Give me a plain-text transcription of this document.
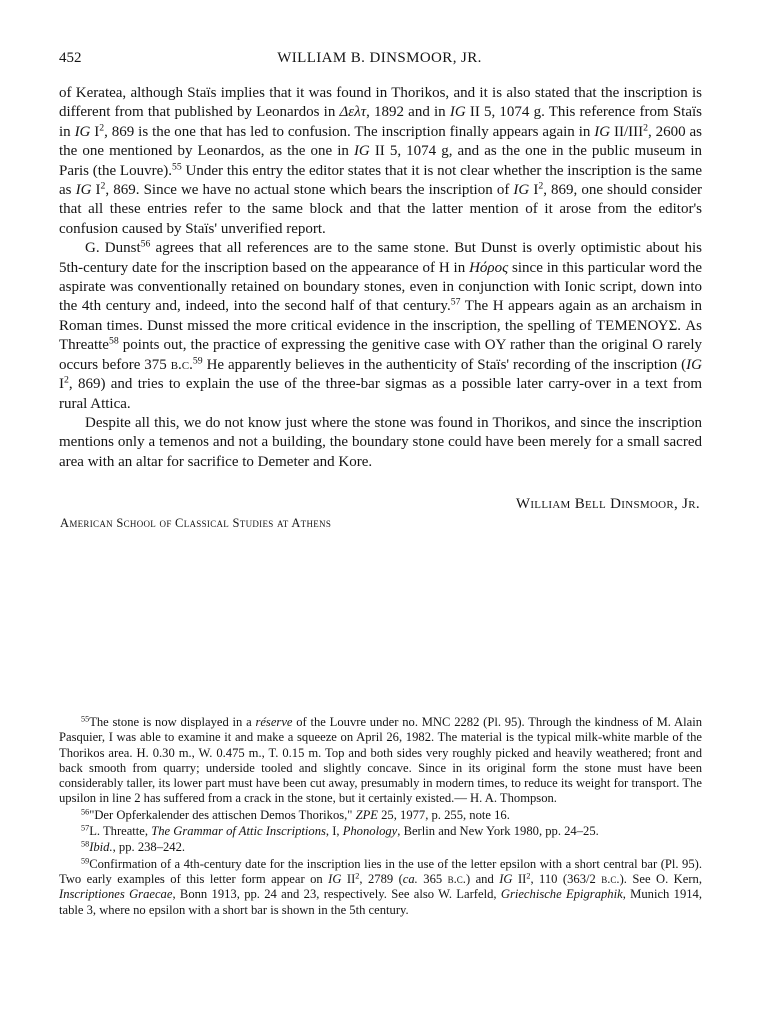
452	WILLIAM B. DINSMOOR, JR.

of Keratea, although Staïs implies that it was found in Thorikos, and it is also stated that the inscription is different from that published by Leonardos in Δελτ, 1892 and in IG II 5, 1074 g. This reference from Staïs in IG $I^2$, 869 is the one that has led to confusion. The inscription finally appears again in IG II/III$^2$, 2600 as the one mentioned by Leonardos, as the one in IG II 5, 1074 g, and as the one in the public museum in Paris (the Louvre).$^{55}$ Under this entry the editor states that it is not clear whether the inscription is the same as IG $I^2$, 869. Since we have no actual stone which bears the inscription of IG $I^2$, 869, one should consider that all these entries refer to the same block and that the latter mention of it arose from the editor's confusion caused by Staïs' unverified report.

G. Dunst$^{56}$ agrees that all references are to the same stone. But Dunst is overly optimistic about his 5th-century date for the inscription based on the appearance of H in Hόρος since in this particular word the aspirate was conventionally retained on boundary stones, even in conjunction with Ionic script, down into the 4th century and, indeed, into the second half of that century.$^{57}$ The H appears again as an archaism in Roman times. Dunst missed the more critical evidence in the inscription, the spelling of ΤΕΜΕΝΟΥΣ. As Threatte$^{58}$ points out, the practice of expressing the genitive case with OY rather than the original O rarely occurs before 375 b.c.$^{59}$ He apparently believes in the authenticity of Staïs' recording of the inscription (IG $I^2$, 869) and tries to explain the use of the three-bar sigmas as a possible later carry-over in a text from rural Attica.

Despite all this, we do not know just where the stone was found in Thorikos, and since the inscription mentions only a temenos and not a building, the boundary stone could have been merely for a small sacred area with an altar for sacrifice to Demeter and Kore.

William Bell Dinsmoor, Jr.
American School of Classical Studies at Athens

$^{55}$The stone is now displayed in a réserve of the Louvre under no. MNC 2282 (Pl. 95). Through the kindness of M. Alain Pasquier, I was able to examine it and make a squeeze on April 26, 1982. The material is the typical milk-white marble of the Thorikos area. H. 0.30 m., W. 0.475 m., T. 0.15 m. Top and both sides very roughly picked and heavily weathered; front and back smooth from quarry; underside tooled and slightly concave. Since in its original form the stone must have been considerably taller, its lower part must have been cut away, presumably in modern times, to reduce its weight for transport. The upsilon in line 2 has suffered from a crack in the stone, but it certainly existed.— H. A. Thompson.

$^{56}$"Der Opferkalender des attischen Demos Thorikos," ZPE 25, 1977, p. 255, note 16.

$^{57}$L. Threatte, The Grammar of Attic Inscriptions, I, Phonology, Berlin and New York 1980, pp. 24–25.

$^{58}$Ibid., pp. 238–242.

$^{59}$Confirmation of a 4th-century date for the inscription lies in the use of the letter epsilon with a short central bar (Pl. 95). Two early examples of this letter form appear on IG $II^2$, 2789 (ca. 365 b.c.) and IG $II^2$, 110 (363/2 b.c.). See O. Kern, Inscriptiones Graecae, Bonn 1913, pp. 24 and 23, respectively. See also W. Larfeld, Griechische Epigraphik, Munich 1914, table 3, where no epsilon with a short bar is shown in the 5th century.
